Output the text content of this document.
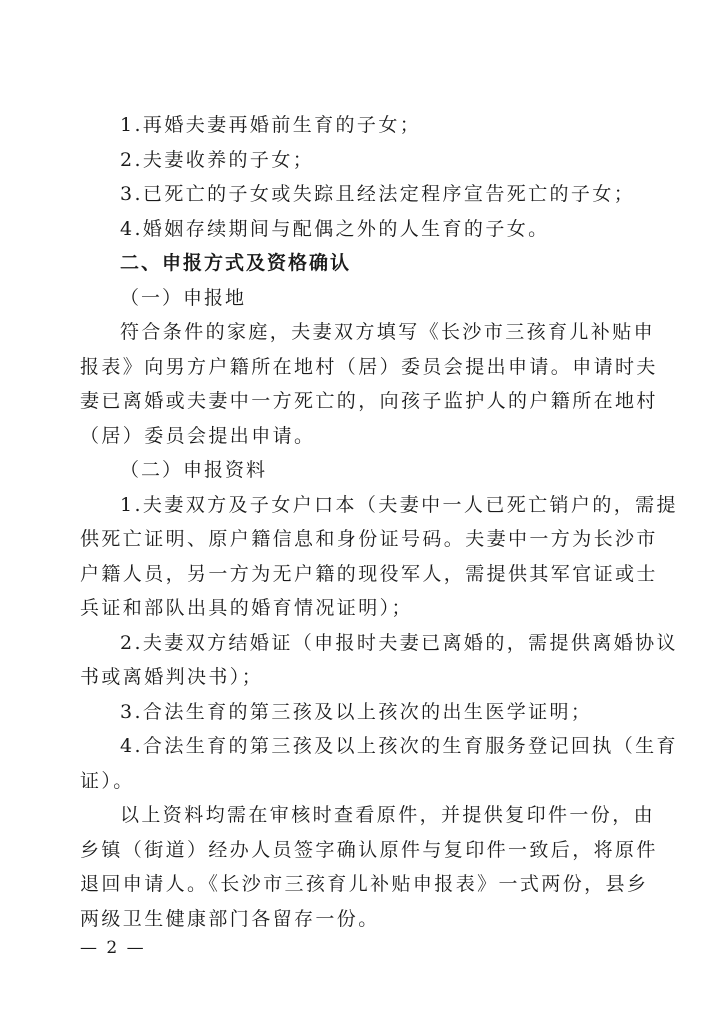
1.再婚夫妻再婚前生育的子女；
2.夫妻收养的子女；
3.已死亡的子女或失踪且经法定程序宣告死亡的子女；
4.婚姻存续期间与配偶之外的人生育的子女。
二、申报方式及资格确认
（一）申报地
符合条件的家庭，夫妻双方填写《长沙市三孩育儿补贴申
报表》向男方户籍所在地村（居）委员会提出申请。申请时夫
妻已离婚或夫妻中一方死亡的，向孩子监护人的户籍所在地村
（居）委员会提出申请。
（二）申报资料
1.夫妻双方及子女户口本（夫妻中一人已死亡销户的，需提
供死亡证明、原户籍信息和身份证号码。夫妻中一方为长沙市
户籍人员，另一方为无户籍的现役军人，需提供其军官证或士
兵证和部队出具的婚育情况证明）；
2.夫妻双方结婚证（申报时夫妻已离婚的，需提供离婚协议
书或离婚判决书）；
3.合法生育的第三孩及以上孩次的出生医学证明；
4.合法生育的第三孩及以上孩次的生育服务登记回执（生育
证）。
以上资料均需在审核时查看原件，并提供复印件一份，由
乡镇（街道）经办人员签字确认原件与复印件一致后，将原件
退回申请人。《长沙市三孩育儿补贴申报表》一式两份，县乡
两级卫生健康部门各留存一份。
— 2 —
